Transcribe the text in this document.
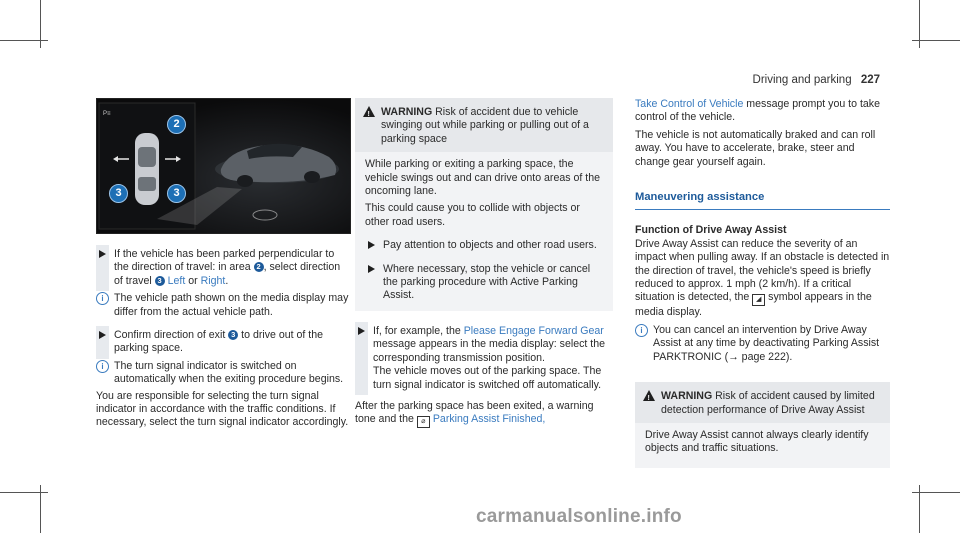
Driving and parking 227
P≡
2
3	3
If the vehicle has been parked perpendicular to the direction of travel: in area 2 , select direction of travel 3 Left or Right.
i The vehicle path shown on the media display may differ from the actual vehicle path.
Confirm direction of exit 3 to drive out of the parking space.
i The turn signal indicator is switched on automatically when the exiting procedure begins.

You are responsible for selecting the turn signal indicator in accordance with the traffic conditions. If necessary, select the turn signal indicator accordingly.

!
WARNING Risk of accident due to vehicle swinging out while parking or pulling out of a parking space

While parking or exiting a parking space, the vehicle swings out and can drive onto areas of the oncoming lane.

This could cause you to collide with objects or other road users.

Pay attention to objects and other road users.
Where necessary, stop the vehicle or cancel the parking procedure with Active Parking Assist.
If, for example, the Please Engage Forward Gear message appears in the media display: select the corresponding transmission position.

The vehicle moves out of the parking space. The turn signal indicator is switched off automatically.

After the parking space has been exited, a warning tone and the ⌀ Parking Assist Finished,

Take Control of Vehicle message prompt you to take control of the vehicle.

The vehicle is not automatically braked and can roll away. You have to accelerate, brake, steer and change gear yourself again.

Maneuvering assistance

Function of Drive Away Assist

Drive Away Assist can reduce the severity of an impact when pulling away. If an obstacle is detected in the direction of travel, the vehicle's speed is briefly reduced to approx. 1 mph (2 km/h). If a critical situation is detected, the ◢ symbol appears in the media display.

i You can cancel an intervention by Drive Away Assist at any time by deactivating Parking Assist PARKTRONIC (→ page 222).
!
WARNING Risk of accident caused by limited detection performance of Drive Away Assist

Drive Away Assist cannot always clearly identify objects and traffic situations.

carmanualsonline.info
